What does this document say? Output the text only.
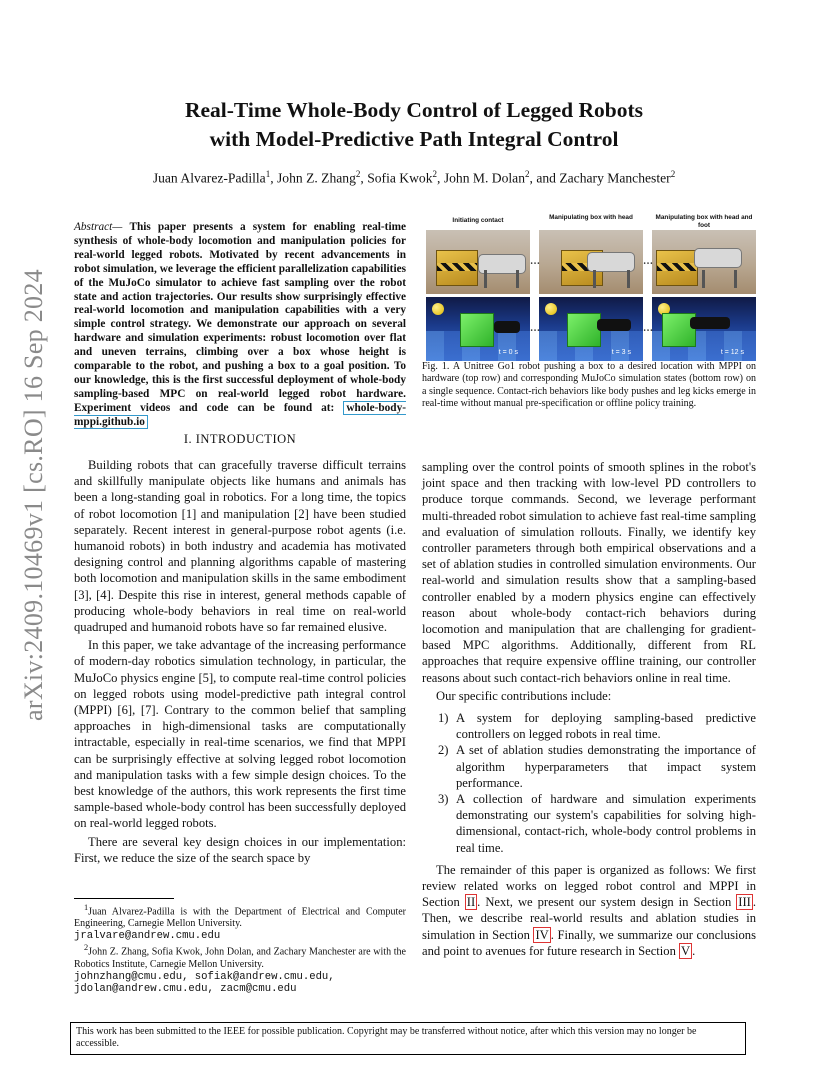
arXiv:2409.10469v1 [cs.RO] 16 Sep 2024
Real-Time Whole-Body Control of Legged Robots
with Model-Predictive Path Integral Control
Juan Alvarez-Padilla$^1$, John Z. Zhang$^2$, Sofia Kwok$^2$, John M. Dolan$^2$, and Zachary Manchester$^2$
Abstract— This paper presents a system for enabling real-time synthesis of whole-body locomotion and manipulation policies for real-world legged robots. Motivated by recent advancements in robot simulation, we leverage the efficient parallelization capabilities of the MuJoCo simulator to achieve fast sampling over the robot state and action trajectories. Our results show surprisingly effective real-world locomotion and manipulation capabilities with a very simple control strategy. We demonstrate our approach on several hardware and simulation experiments: robust locomotion over flat and uneven terrains, climbing over a box whose height is comparable to the robot, and pushing a box to a goal position. To our knowledge, this is the first successful deployment of whole-body sampling-based MPC on real-world legged robot hardware. Experiment videos and code can be found at: whole-body-mppi.github.io
I. INTRODUCTION

Building robots that can gracefully traverse difficult terrains and skillfully manipulate objects like humans and animals has been a long-standing goal in robotics. For a long time, the topics of robot locomotion [1] and manipulation [2] have been studied separately. Recent interest in general-purpose robot agents (i.e. humanoid robots) in both industry and academia has motivated designing control and planning algorithms capable of mastering both locomotion and manipulation skills in the same embodiment [3], [4]. Despite this rise in interest, general methods capable of producing whole-body behaviors in real time on real-world quadruped and humanoid robots have so far remained elusive.

In this paper, we take advantage of the increasing performance of modern-day robotics simulation technology, in particular, the MuJoCo physics engine [5], to compute real-time control policies on legged robots using model-predictive path integral control (MPPI) [6], [7]. Contrary to the common belief that sampling approaches in high-dimensional tasks are computationally intractable, especially in real-time scenarios, we find that MPPI can be surprisingly effective at solving legged robot locomotion and manipulation tasks with a few simple design choices. To the best knowledge of the authors, this work represents the first time sample-based whole-body control has been successfully deployed on real-world legged robots.

There are several key design choices in our implementation: First, we reduce the size of the search space by

Initiating contact	Manipulating box with head	Manipulating box with head and foot
…	…
t = 0 s	t = 3 s	t = 12 s
…	…
Fig. 1. A Unitree Go1 robot pushing a box to a desired location with MPPI on hardware (top row) and corresponding MuJoCo simulation states (bottom row) on a single sequence. Contact-rich behaviors like body pushes and leg kicks emerge in real-time without manual pre-specification or offline policy training.

sampling over the control points of smooth splines in the robot's joint space and then tracking with low-level PD controllers to produce torque commands. Second, we leverage performant multi-threaded robot simulation to achieve fast real-time sampling and evaluation of simulation rollouts. Finally, we identify key controller parameters through both empirical observations and a set of ablation studies in controlled simulation environments. Our real-world and simulation results show that a sampling-based controller enabled by a modern physics engine can effectively reason about whole-body contact-rich behaviors during locomotion and manipulation that are challenging for gradient-based MPC algorithms. Additionally, different from RL approaches that require expensive offline training, our controller reasons about such contact-rich behaviors online in real time.

Our specific contributions include:

1) A system for deploying sampling-based predictive controllers on legged robots in real time.
2) A set of ablation studies demonstrating the importance of algorithm hyperparameters that impact system performance.
3) A collection of hardware and simulation experiments demonstrating our system's capabilities for solving high-dimensional, contact-rich, whole-body control problems in real time.

The remainder of this paper is organized as follows: We first review related works on legged robot control and MPPI in Section II . Next, we present our system design in Section III . Then, we describe real-world results and ablation studies in simulation in Section IV . Finally, we summarize our conclusions and point to avenues for future research in Section V .

$^1$Juan Alvarez-Padilla is with the Department of Electrical and Computer Engineering, Carnegie Mellon University.
jralvare@andrew.cmu.edu
$^2$John Z. Zhang, Sofia Kwok, John Dolan, and Zachary Manchester are with the Robotics Institute, Carnegie Mellon University.
johnzhang@cmu.edu, sofiak@andrew.cmu.edu,
jdolan@andrew.cmu.edu, zacm@cmu.edu
This work has been submitted to the IEEE for possible publication. Copyright may be transferred without notice, after which this version may no longer be accessible.
